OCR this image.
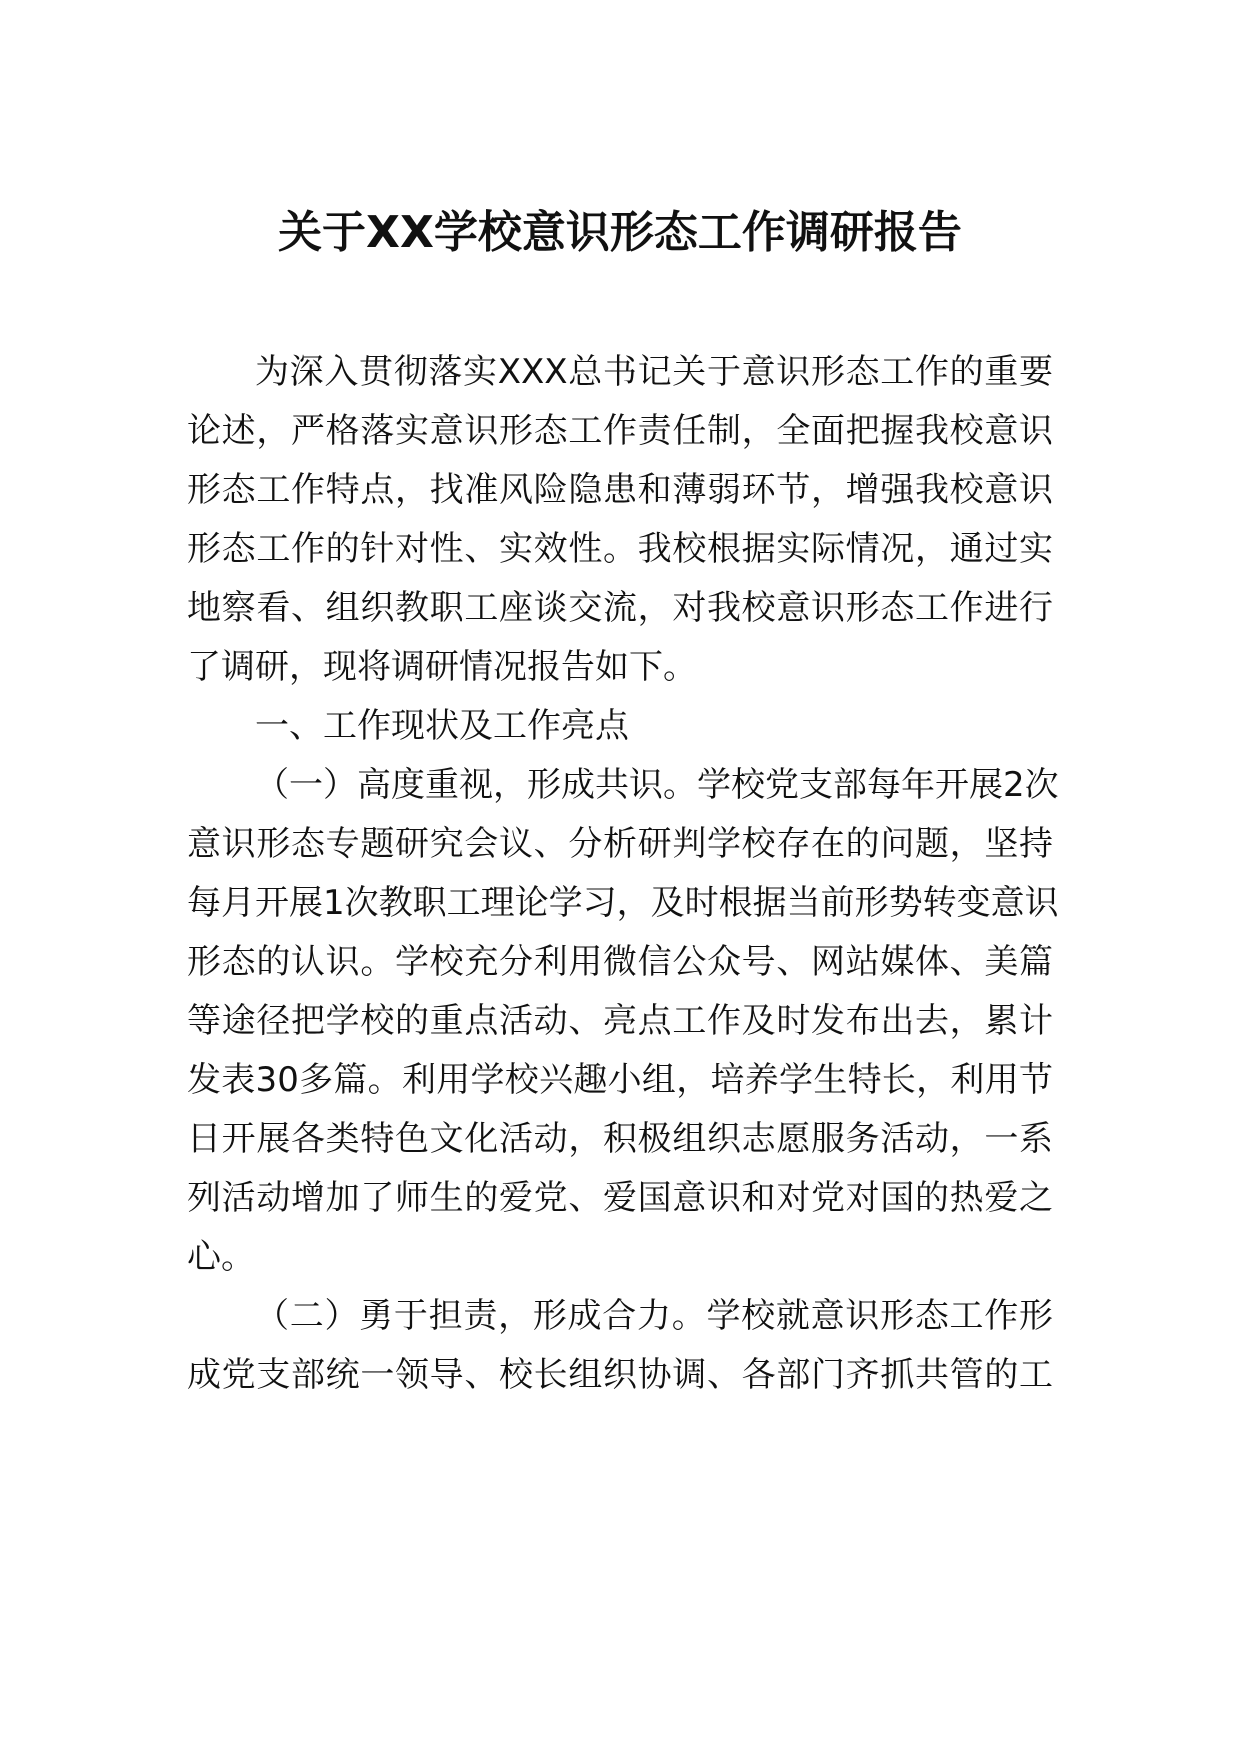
关于XX学校意识形态工作调研报告

为深入贯彻落实XXX总书记关于意识形态工作的重要

论述，严格落实意识形态工作责任制，全面把握我校意识

形态工作特点，找准风险隐患和薄弱环节，增强我校意识

形态工作的针对性、实效性。我校根据实际情况，通过实

地察看、组织教职工座谈交流，对我校意识形态工作进行

了调研，现将调研情况报告如下。

一、工作现状及工作亮点

（一）高度重视，形成共识。学校党支部每年开展2次

意识形态专题研究会议、分析研判学校存在的问题，坚持

每月开展1次教职工理论学习，及时根据当前形势转变意识

形态的认识。学校充分利用微信公众号、网站媒体、美篇

等途径把学校的重点活动、亮点工作及时发布出去，累计

发表30多篇。利用学校兴趣小组，培养学生特长，利用节

日开展各类特色文化活动，积极组织志愿服务活动，一系

列活动增加了师生的爱党、爱国意识和对党对国的热爱之

心。

（二）勇于担责，形成合力。学校就意识形态工作形

成党支部统一领导、校长组织协调、各部门齐抓共管的工
